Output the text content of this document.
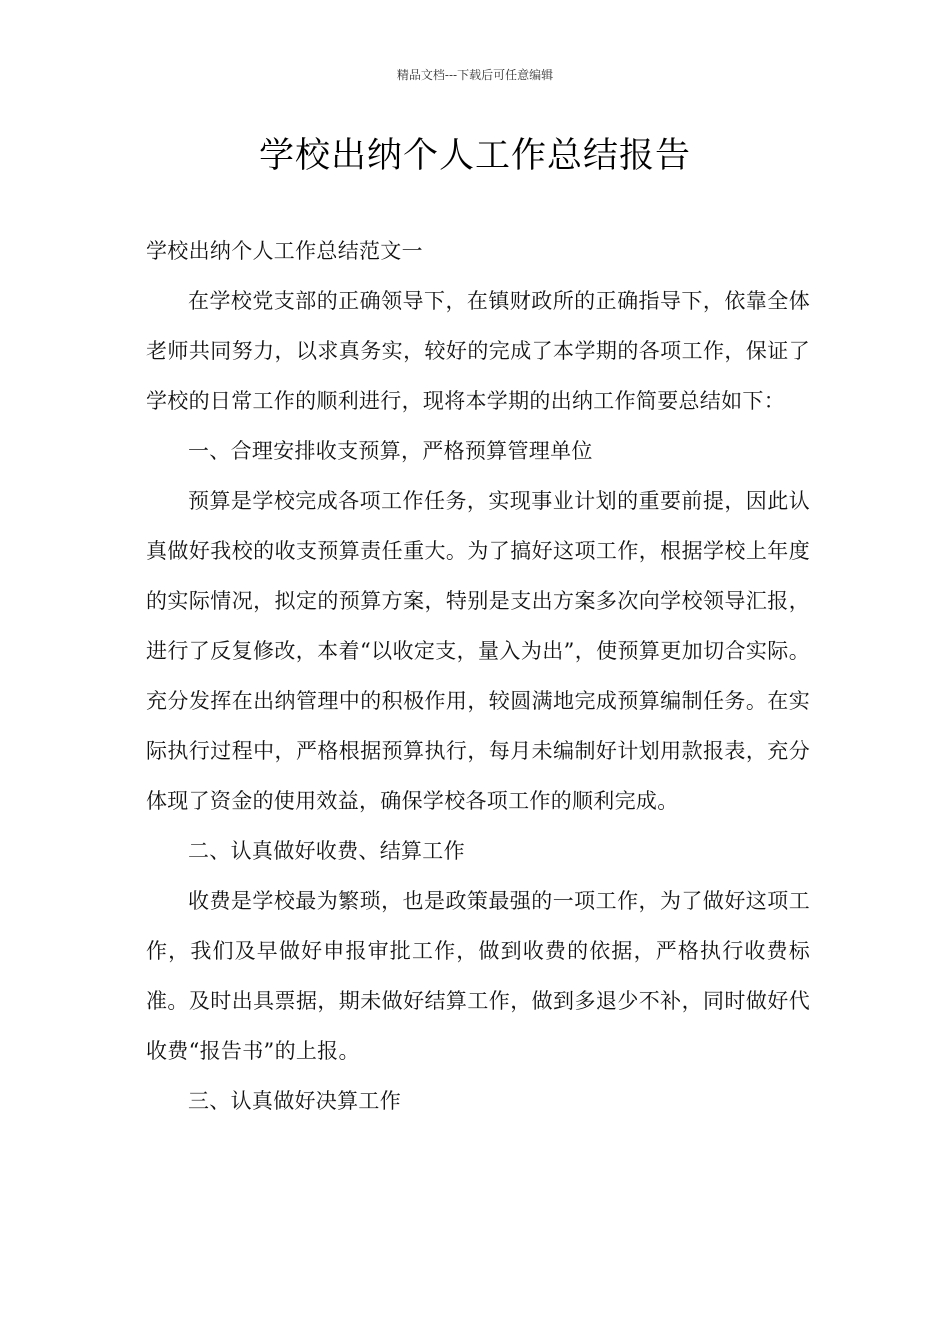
精品文档---下载后可任意编辑
学校出纳个人工作总结报告

学校出纳个人工作总结范文一

在学校党支部的正确领导下，在镇财政所的正确指导下，依靠全体老师共同努力，以求真务实，较好的完成了本学期的各项工作，保证了学校的日常工作的顺利进行，现将本学期的出纳工作简要总结如下：

一、合理安排收支预算，严格预算管理单位

预算是学校完成各项工作任务，实现事业计划的重要前提，因此认真做好我校的收支预算责任重大。为了搞好这项工作，根据学校上年度的实际情况，拟定的预算方案，特别是支出方案多次向学校领导汇报，进行了反复修改，本着“以收定支，量入为出”，使预算更加切合实际。充分发挥在出纳管理中的积极作用，较圆满地完成预算编制任务。在实际执行过程中，严格根据预算执行，每月未编制好计划用款报表，充分体现了资金的使用效益，确保学校各项工作的顺利完成。

二、认真做好收费、结算工作

收费是学校最为繁琐，也是政策最强的一项工作，为了做好这项工作，我们及早做好申报审批工作，做到收费的依据，严格执行收费标准。及时出具票据，期未做好结算工作，做到多退少不补，同时做好代收费“报告书”的上报。

三、认真做好决算工作
